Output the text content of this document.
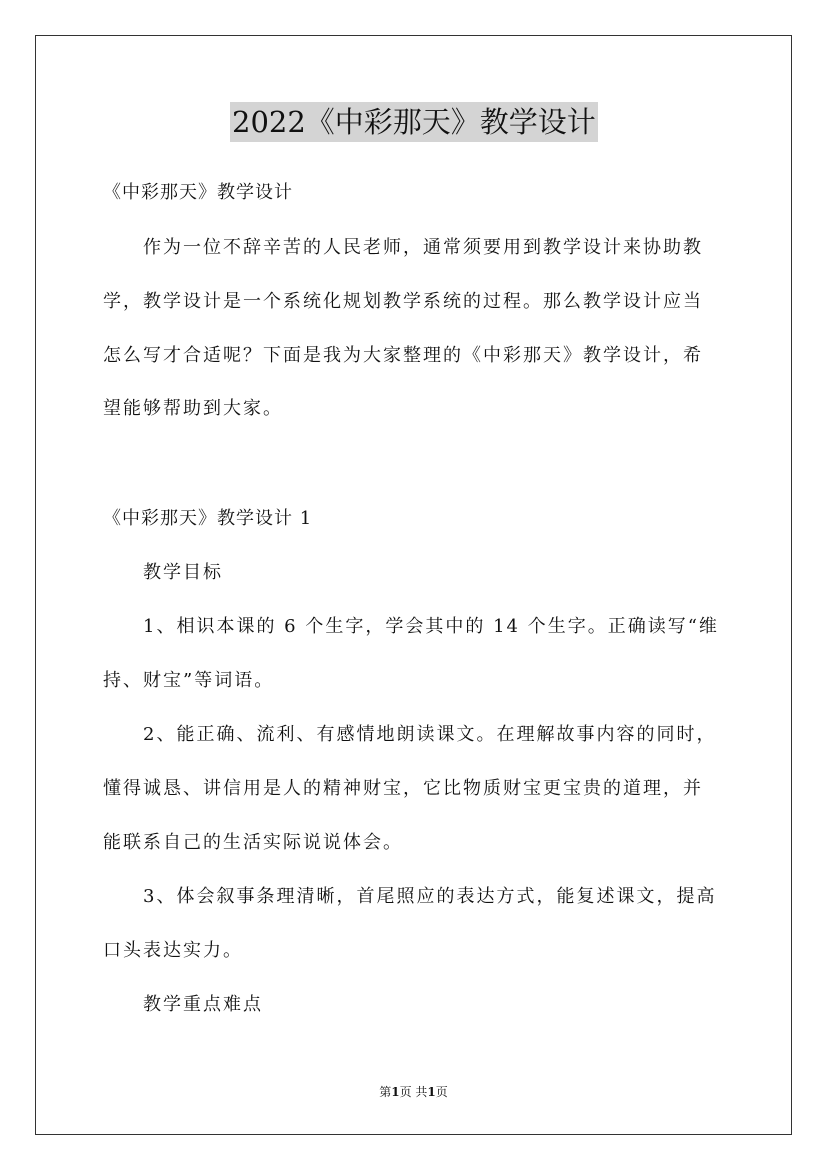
2022《中彩那天》教学设计
《中彩那天》教学设计
作为一位不辞辛苦的人民老师，通常须要用到教学设计来协助教
学，教学设计是一个系统化规划教学系统的过程。那么教学设计应当
怎么写才合适呢？下面是我为大家整理的《中彩那天》教学设计，希
望能够帮助到大家。
《中彩那天》教学设计 1
教学目标
1、相识本课的 6 个生字，学会其中的 14 个生字。正确读写“维
持、财宝”等词语。
2、能正确、流利、有感情地朗读课文。在理解故事内容的同时，
懂得诚恳、讲信用是人的精神财宝，它比物质财宝更宝贵的道理，并
能联系自己的生活实际说说体会。
3、体会叙事条理清晰，首尾照应的表达方式，能复述课文，提高
口头表达实力。
教学重点难点
第1页 共1页
